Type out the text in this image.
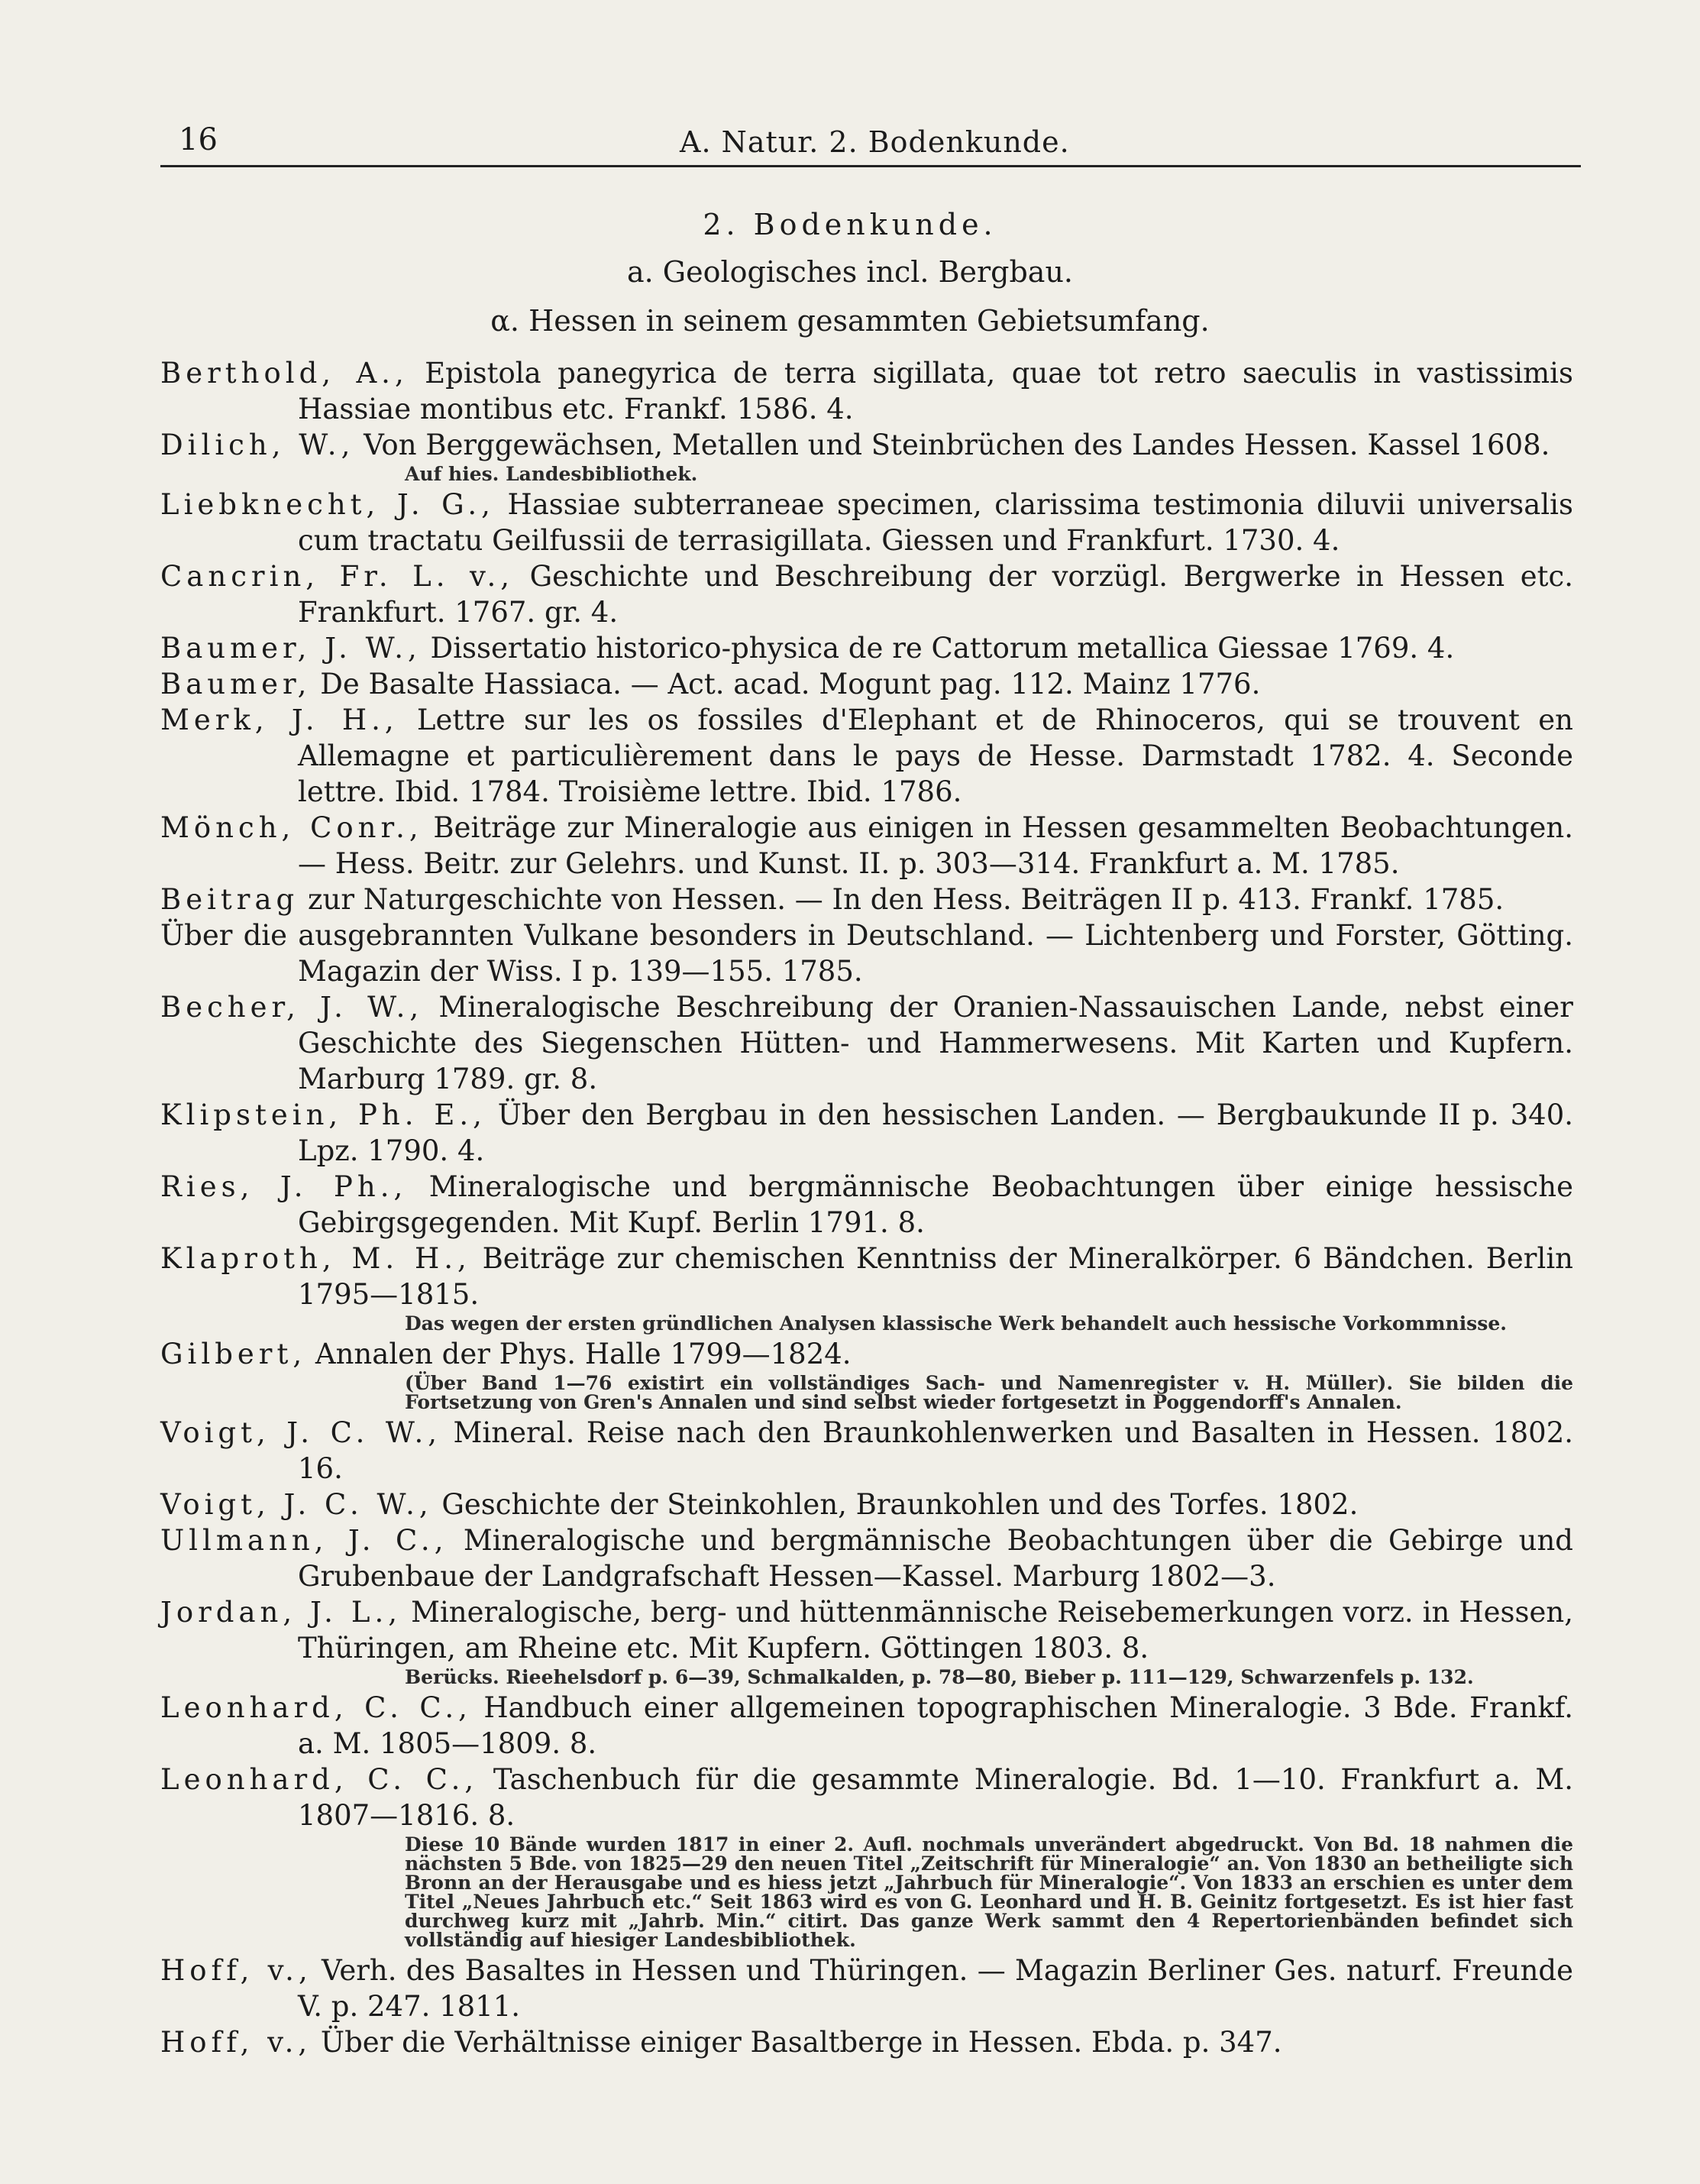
16	A. Natur. 2. Bodenkunde.
2. Bodenkunde.
a. Geologisches incl. Bergbau.
α. Hessen in seinem gesammten Gebietsumfang.
Berthold, A., Epistola panegyrica de terra sigillata, quae tot retro saeculis in vastissimis Hassiae montibus etc. Frankf. 1586. 4.
Dilich, W., Von Berggewächsen, Metallen und Steinbrüchen des Landes Hessen. Kassel 1608.
Auf hies. Landesbibliothek.
Liebknecht, J. G., Hassiae subterraneae specimen, clarissima testimonia diluvii universalis cum tractatu Geilfussii de terrasigillata. Giessen und Frankfurt. 1730. 4.
Cancrin, Fr. L. v., Geschichte und Beschreibung der vorzügl. Bergwerke in Hessen etc. Frankfurt. 1767. gr. 4.
Baumer, J. W., Dissertatio historico-physica de re Cattorum metallica Giessae 1769. 4.
Baumer, De Basalte Hassiaca. — Act. acad. Mogunt pag. 112. Mainz 1776.
Merk, J. H., Lettre sur les os fossiles d'Elephant et de Rhinoceros, qui se trouvent en Allemagne et particulièrement dans le pays de Hesse. Darmstadt 1782. 4. Seconde lettre. Ibid. 1784. Troisième lettre. Ibid. 1786.
Mönch, Conr., Beiträge zur Mineralogie aus einigen in Hessen gesammelten Beobachtungen. — Hess. Beitr. zur Gelehrs. und Kunst. II. p. 303—314. Frankfurt a. M. 1785.
Beitrag zur Naturgeschichte von Hessen. — In den Hess. Beiträgen II p. 413. Frankf. 1785.
Über die ausgebrannten Vulkane besonders in Deutschland. — Lichtenberg und Forster, Götting. Magazin der Wiss. I p. 139—155. 1785.
Becher, J. W., Mineralogische Beschreibung der Oranien-Nassauischen Lande, nebst einer Geschichte des Siegenschen Hütten- und Hammerwesens. Mit Karten und Kupfern. Marburg 1789. gr. 8.
Klipstein, Ph. E., Über den Bergbau in den hessischen Landen. — Bergbaukunde II p. 340. Lpz. 1790. 4.
Ries, J. Ph., Mineralogische und bergmännische Beobachtungen über einige hessische Gebirgsgegenden. Mit Kupf. Berlin 1791. 8.
Klaproth, M. H., Beiträge zur chemischen Kenntniss der Mineralkörper. 6 Bändchen. Berlin 1795—1815.
Das wegen der ersten gründlichen Analysen klassische Werk behandelt auch hessische Vorkommnisse.
Gilbert, Annalen der Phys. Halle 1799—1824.
(Über Band 1—76 existirt ein vollständiges Sach- und Namenregister v. H. Müller). Sie bilden die Fortsetzung von Gren's Annalen und sind selbst wieder fortgesetzt in Poggendorff's Annalen.
Voigt, J. C. W., Mineral. Reise nach den Braunkohlenwerken und Basalten in Hessen. 1802. 16.
Voigt, J. C. W., Geschichte der Steinkohlen, Braunkohlen und des Torfes. 1802.
Ullmann, J. C., Mineralogische und bergmännische Beobachtungen über die Gebirge und Grubenbaue der Landgrafschaft Hessen—Kassel. Marburg 1802—3.
Jordan, J. L., Mineralogische, berg- und hüttenmännische Reisebemerkungen vorz. in Hessen, Thüringen, am Rheine etc. Mit Kupfern. Göttingen 1803. 8.
Berücks. Rieehelsdorf p. 6—39, Schmalkalden, p. 78—80, Bieber p. 111—129, Schwarzenfels p. 132.
Leonhard, C. C., Handbuch einer allgemeinen topographischen Mineralogie. 3 Bde. Frankf. a. M. 1805—1809. 8.
Leonhard, C. C., Taschenbuch für die gesammte Mineralogie. Bd. 1—10. Frankfurt a. M. 1807—1816. 8.
Diese 10 Bände wurden 1817 in einer 2. Aufl. nochmals unverändert abgedruckt. Von Bd. 18 nahmen die nächsten 5 Bde. von 1825—29 den neuen Titel „Zeitschrift für Mineralogie“ an. Von 1830 an betheiligte sich Bronn an der Herausgabe und es hiess jetzt „Jahrbuch für Mineralogie“. Von 1833 an erschien es unter dem Titel „Neues Jahrbuch etc.“ Seit 1863 wird es von G. Leonhard und H. B. Geinitz fortgesetzt. Es ist hier fast durchweg kurz mit „Jahrb. Min.“ citirt. Das ganze Werk sammt den 4 Repertorienbänden befindet sich vollständig auf hiesiger Landesbibliothek.
Hoff, v., Verh. des Basaltes in Hessen und Thüringen. — Magazin Berliner Ges. naturf. Freunde V. p. 247. 1811.
Hoff, v., Über die Verhältnisse einiger Basaltberge in Hessen. Ebda. p. 347.
